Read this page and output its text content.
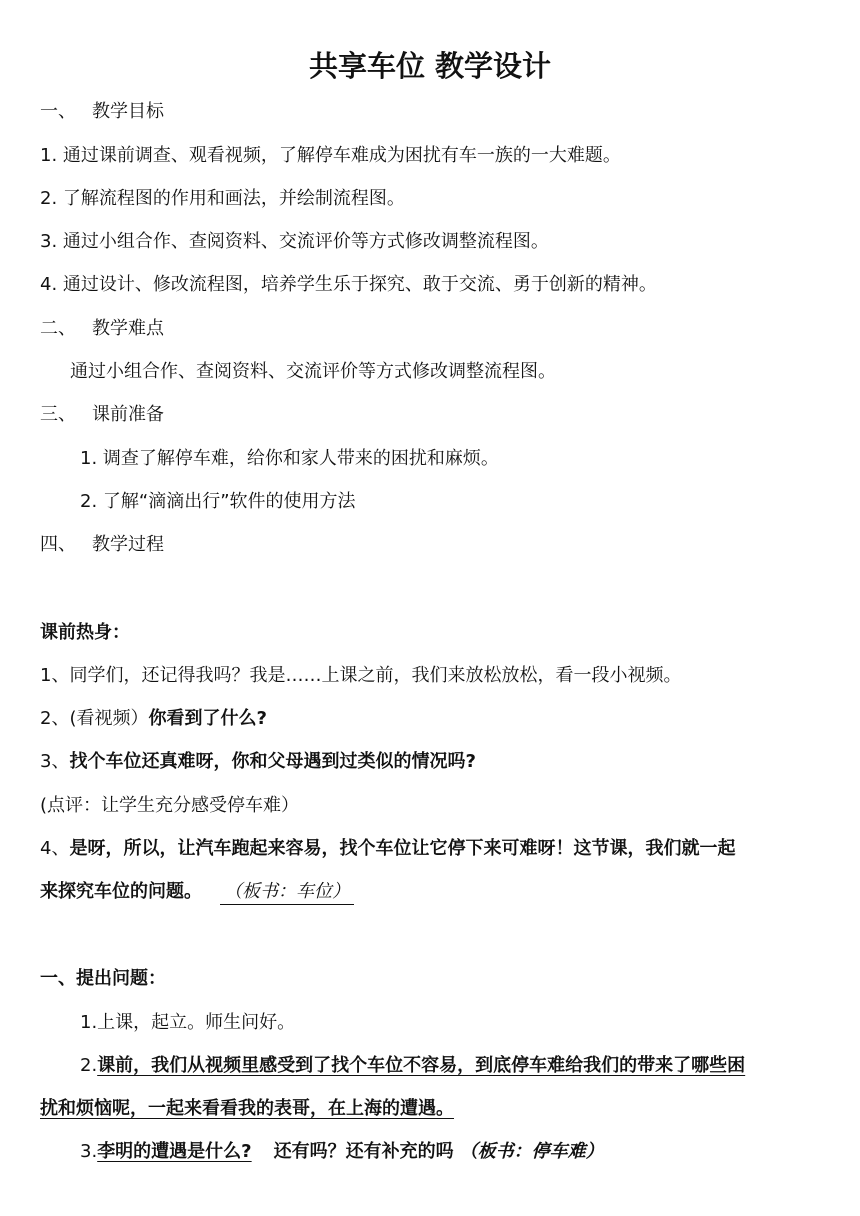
共享车位 教学设计
一、 教学目标
1. 通过课前调查、观看视频，了解停车难成为困扰有车一族的一大难题。
2. 了解流程图的作用和画法，并绘制流程图。
3. 通过小组合作、查阅资料、交流评价等方式修改调整流程图。
4. 通过设计、修改流程图，培养学生乐于探究、敢于交流、勇于创新的精神。
二、 教学难点
通过小组合作、查阅资料、交流评价等方式修改调整流程图。
三、 课前准备
1. 调查了解停车难，给你和家人带来的困扰和麻烦。
2. 了解“滴滴出行”软件的使用方法
四、 教学过程
课前热身：
1、同学们，还记得我吗？我是……上课之前，我们来放松放松，看一段小视频。
2、(看视频）你看到了什么?
3、找个车位还真难呀，你和父母遇到过类似的情况吗?
(点评：让学生充分感受停车难）
4、是呀，所以，让汽车跑起来容易，找个车位让它停下来可难呀！这节课，我们就一起
来探究车位的问题。 （板书：车位）
一、提出问题：
1.上课，起立。师生问好。
2.课前，我们从视频里感受到了找个车位不容易，到底停车难给我们的带来了哪些困
扰和烦恼呢，一起来看看我的表哥，在上海的遭遇。
3.李明的遭遇是什么? 还有吗？还有补充的吗 （板书：停车难）
